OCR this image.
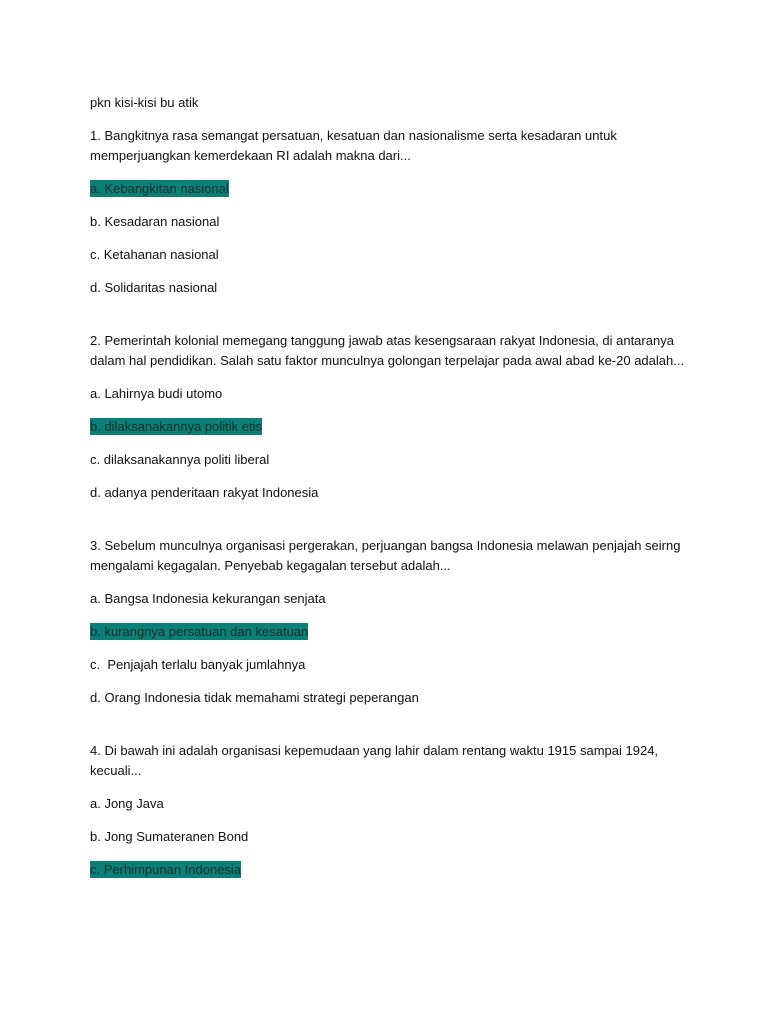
pkn kisi-kisi bu atik
1. Bangkitnya rasa semangat persatuan, kesatuan dan nasionalisme serta kesadaran untuk memperjuangkan kemerdekaan RI adalah makna dari...
a. Kebangkitan nasional
b. Kesadaran nasional
c. Ketahanan nasional
d. Solidaritas nasional
2. Pemerintah kolonial memegang tanggung jawab atas kesengsaraan rakyat Indonesia, di antaranya dalam hal pendidikan. Salah satu faktor munculnya golongan terpelajar pada awal abad ke-20 adalah...
a. Lahirnya budi utomo
b. dilaksanakannya politik etis
c. dilaksanakannya politi liberal
d. adanya penderitaan rakyat Indonesia
3. Sebelum munculnya organisasi pergerakan, perjuangan bangsa Indonesia melawan penjajah seirng mengalami kegagalan. Penyebab kegagalan tersebut adalah...
a. Bangsa Indonesia kekurangan senjata
b. kurangnya persatuan dan kesatuan
c.  Penjajah terlalu banyak jumlahnya
d. Orang Indonesia tidak memahami strategi peperangan
4. Di bawah ini adalah organisasi kepemudaan yang lahir dalam rentang waktu 1915 sampai 1924, kecuali...
a. Jong Java
b. Jong Sumateranen Bond
c. Perhimpunan Indonesia
